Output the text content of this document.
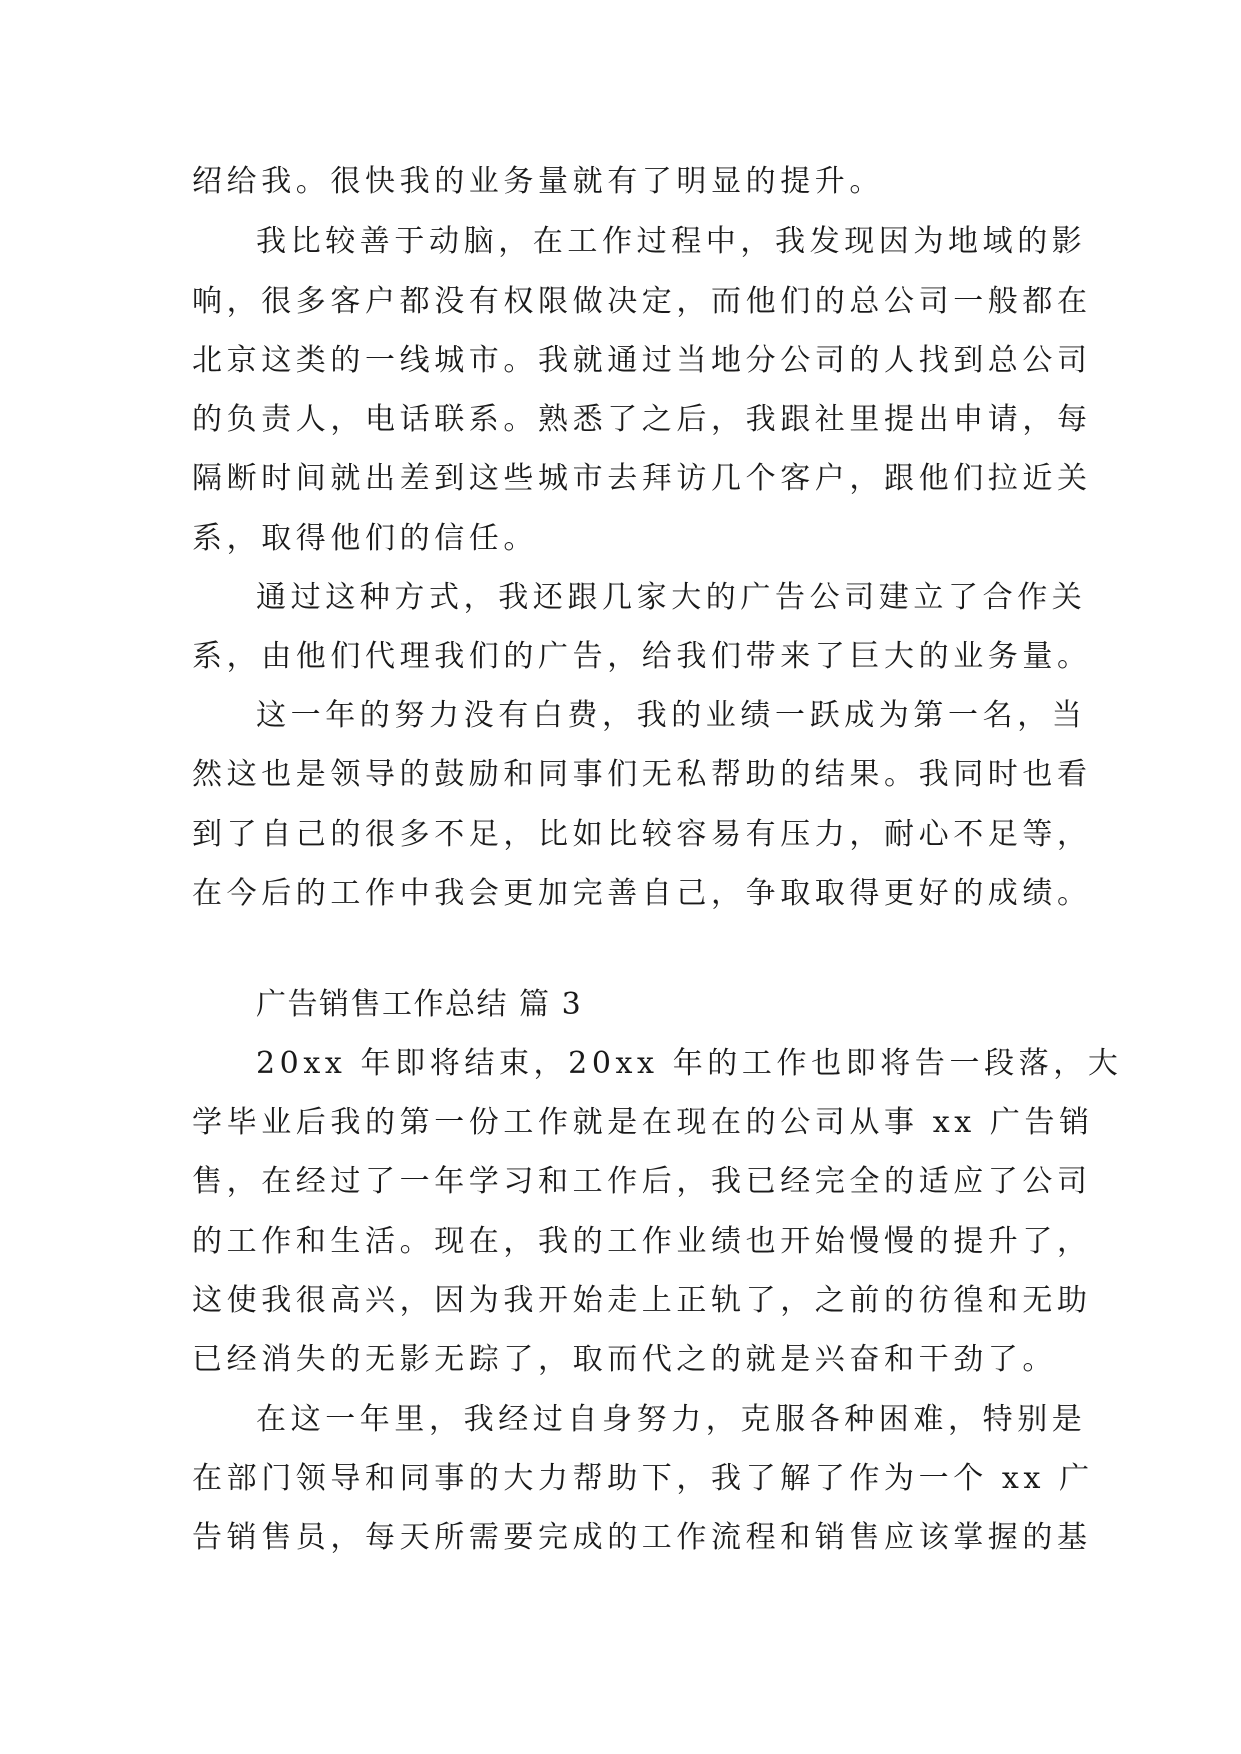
绍给我。很快我的业务量就有了明显的提升。
我比较善于动脑，在工作过程中，我发现因为地域的影
响，很多客户都没有权限做决定，而他们的总公司一般都在
北京这类的一线城市。我就通过当地分公司的人找到总公司
的负责人，电话联系。熟悉了之后，我跟社里提出申请，每
隔断时间就出差到这些城市去拜访几个客户，跟他们拉近关
系，取得他们的信任。
通过这种方式，我还跟几家大的广告公司建立了合作关
系，由他们代理我们的广告，给我们带来了巨大的业务量。
这一年的努力没有白费，我的业绩一跃成为第一名，当
然这也是领导的鼓励和同事们无私帮助的结果。我同时也看
到了自己的很多不足，比如比较容易有压力，耐心不足等，
在今后的工作中我会更加完善自己，争取取得更好的成绩。
广告销售工作总结 篇 3
20xx 年即将结束，20xx 年的工作也即将告一段落，大
学毕业后我的第一份工作就是在现在的公司从事 xx 广告销
售，在经过了一年学习和工作后，我已经完全的适应了公司
的工作和生活。现在，我的工作业绩也开始慢慢的提升了，
这使我很高兴，因为我开始走上正轨了，之前的彷徨和无助
已经消失的无影无踪了，取而代之的就是兴奋和干劲了。
在这一年里，我经过自身努力，克服各种困难，特别是
在部门领导和同事的大力帮助下，我了解了作为一个 xx 广
告销售员，每天所需要完成的工作流程和销售应该掌握的基
